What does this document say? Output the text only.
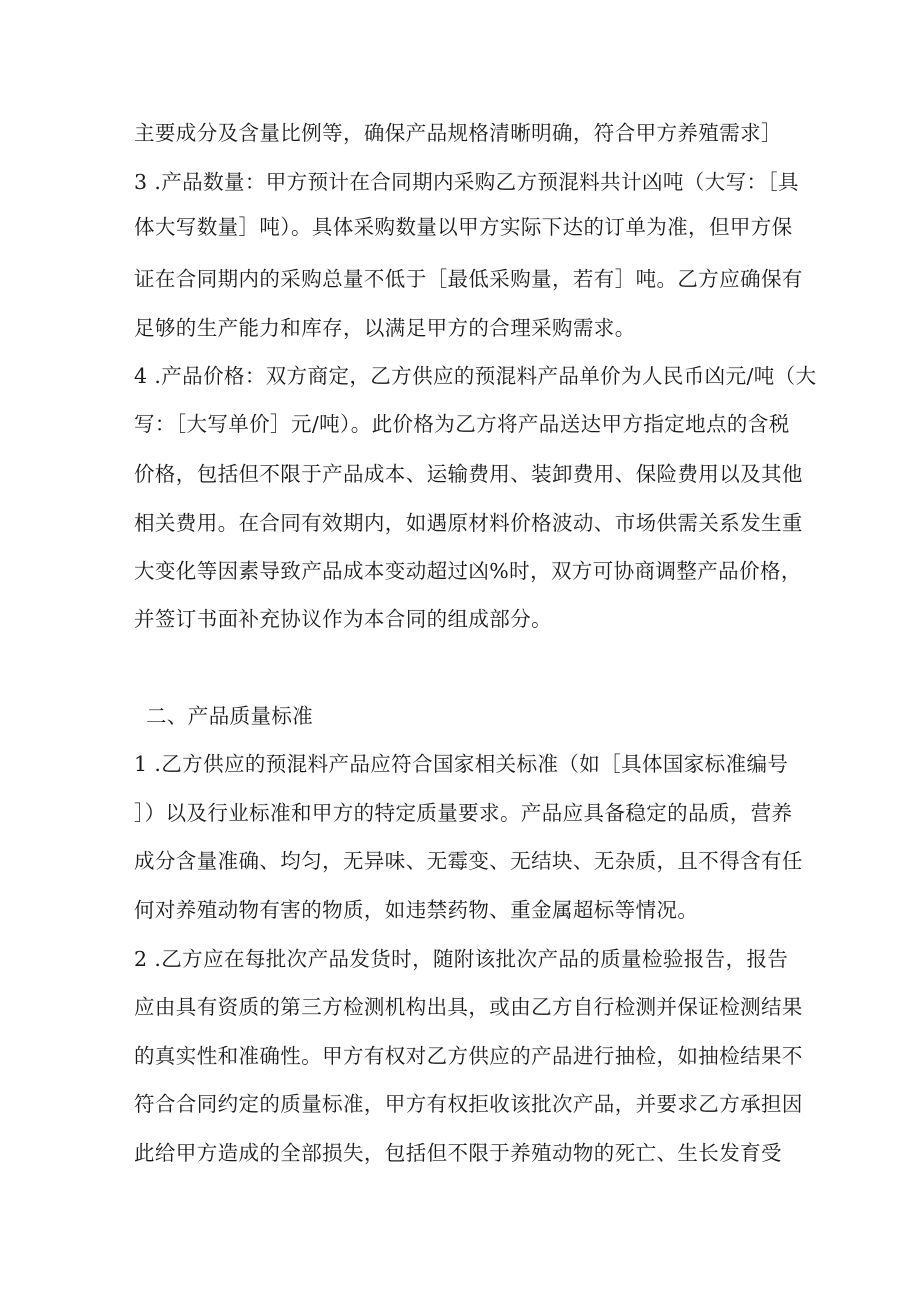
主要成分及含量比例等，确保产品规格清晰明确，符合甲方养殖需求］
3 .产品数量：甲方预计在合同期内采购乙方预混料共计凶吨（大写：［具
体大写数量］吨）。具体采购数量以甲方实际下达的订单为准，但甲方保
证在合同期内的采购总量不低于［最低采购量，若有］吨。乙方应确保有
足够的生产能力和库存，以满足甲方的合理采购需求。
4 .产品价格：双方商定，乙方供应的预混料产品单价为人民币凶元/吨（大
写：［大写单价］元/吨）。此价格为乙方将产品送达甲方指定地点的含税
价格，包括但不限于产品成本、运输费用、装卸费用、保险费用以及其他
相关费用。在合同有效期内，如遇原材料价格波动、市场供需关系发生重
大变化等因素导致产品成本变动超过凶%时，双方可协商调整产品价格，
并签订书面补充协议作为本合同的组成部分。
二、产品质量标准
1 .乙方供应的预混料产品应符合国家相关标准（如［具体国家标准编号
］）以及行业标准和甲方的特定质量要求。产品应具备稳定的品质，营养
成分含量准确、均匀，无异味、无霉变、无结块、无杂质，且不得含有任
何对养殖动物有害的物质，如违禁药物、重金属超标等情况。
2 .乙方应在每批次产品发货时，随附该批次产品的质量检验报告，报告
应由具有资质的第三方检测机构出具，或由乙方自行检测并保证检测结果
的真实性和准确性。甲方有权对乙方供应的产品进行抽检，如抽检结果不
符合合同约定的质量标准，甲方有权拒收该批次产品，并要求乙方承担因
此给甲方造成的全部损失，包括但不限于养殖动物的死亡、生长发育受
